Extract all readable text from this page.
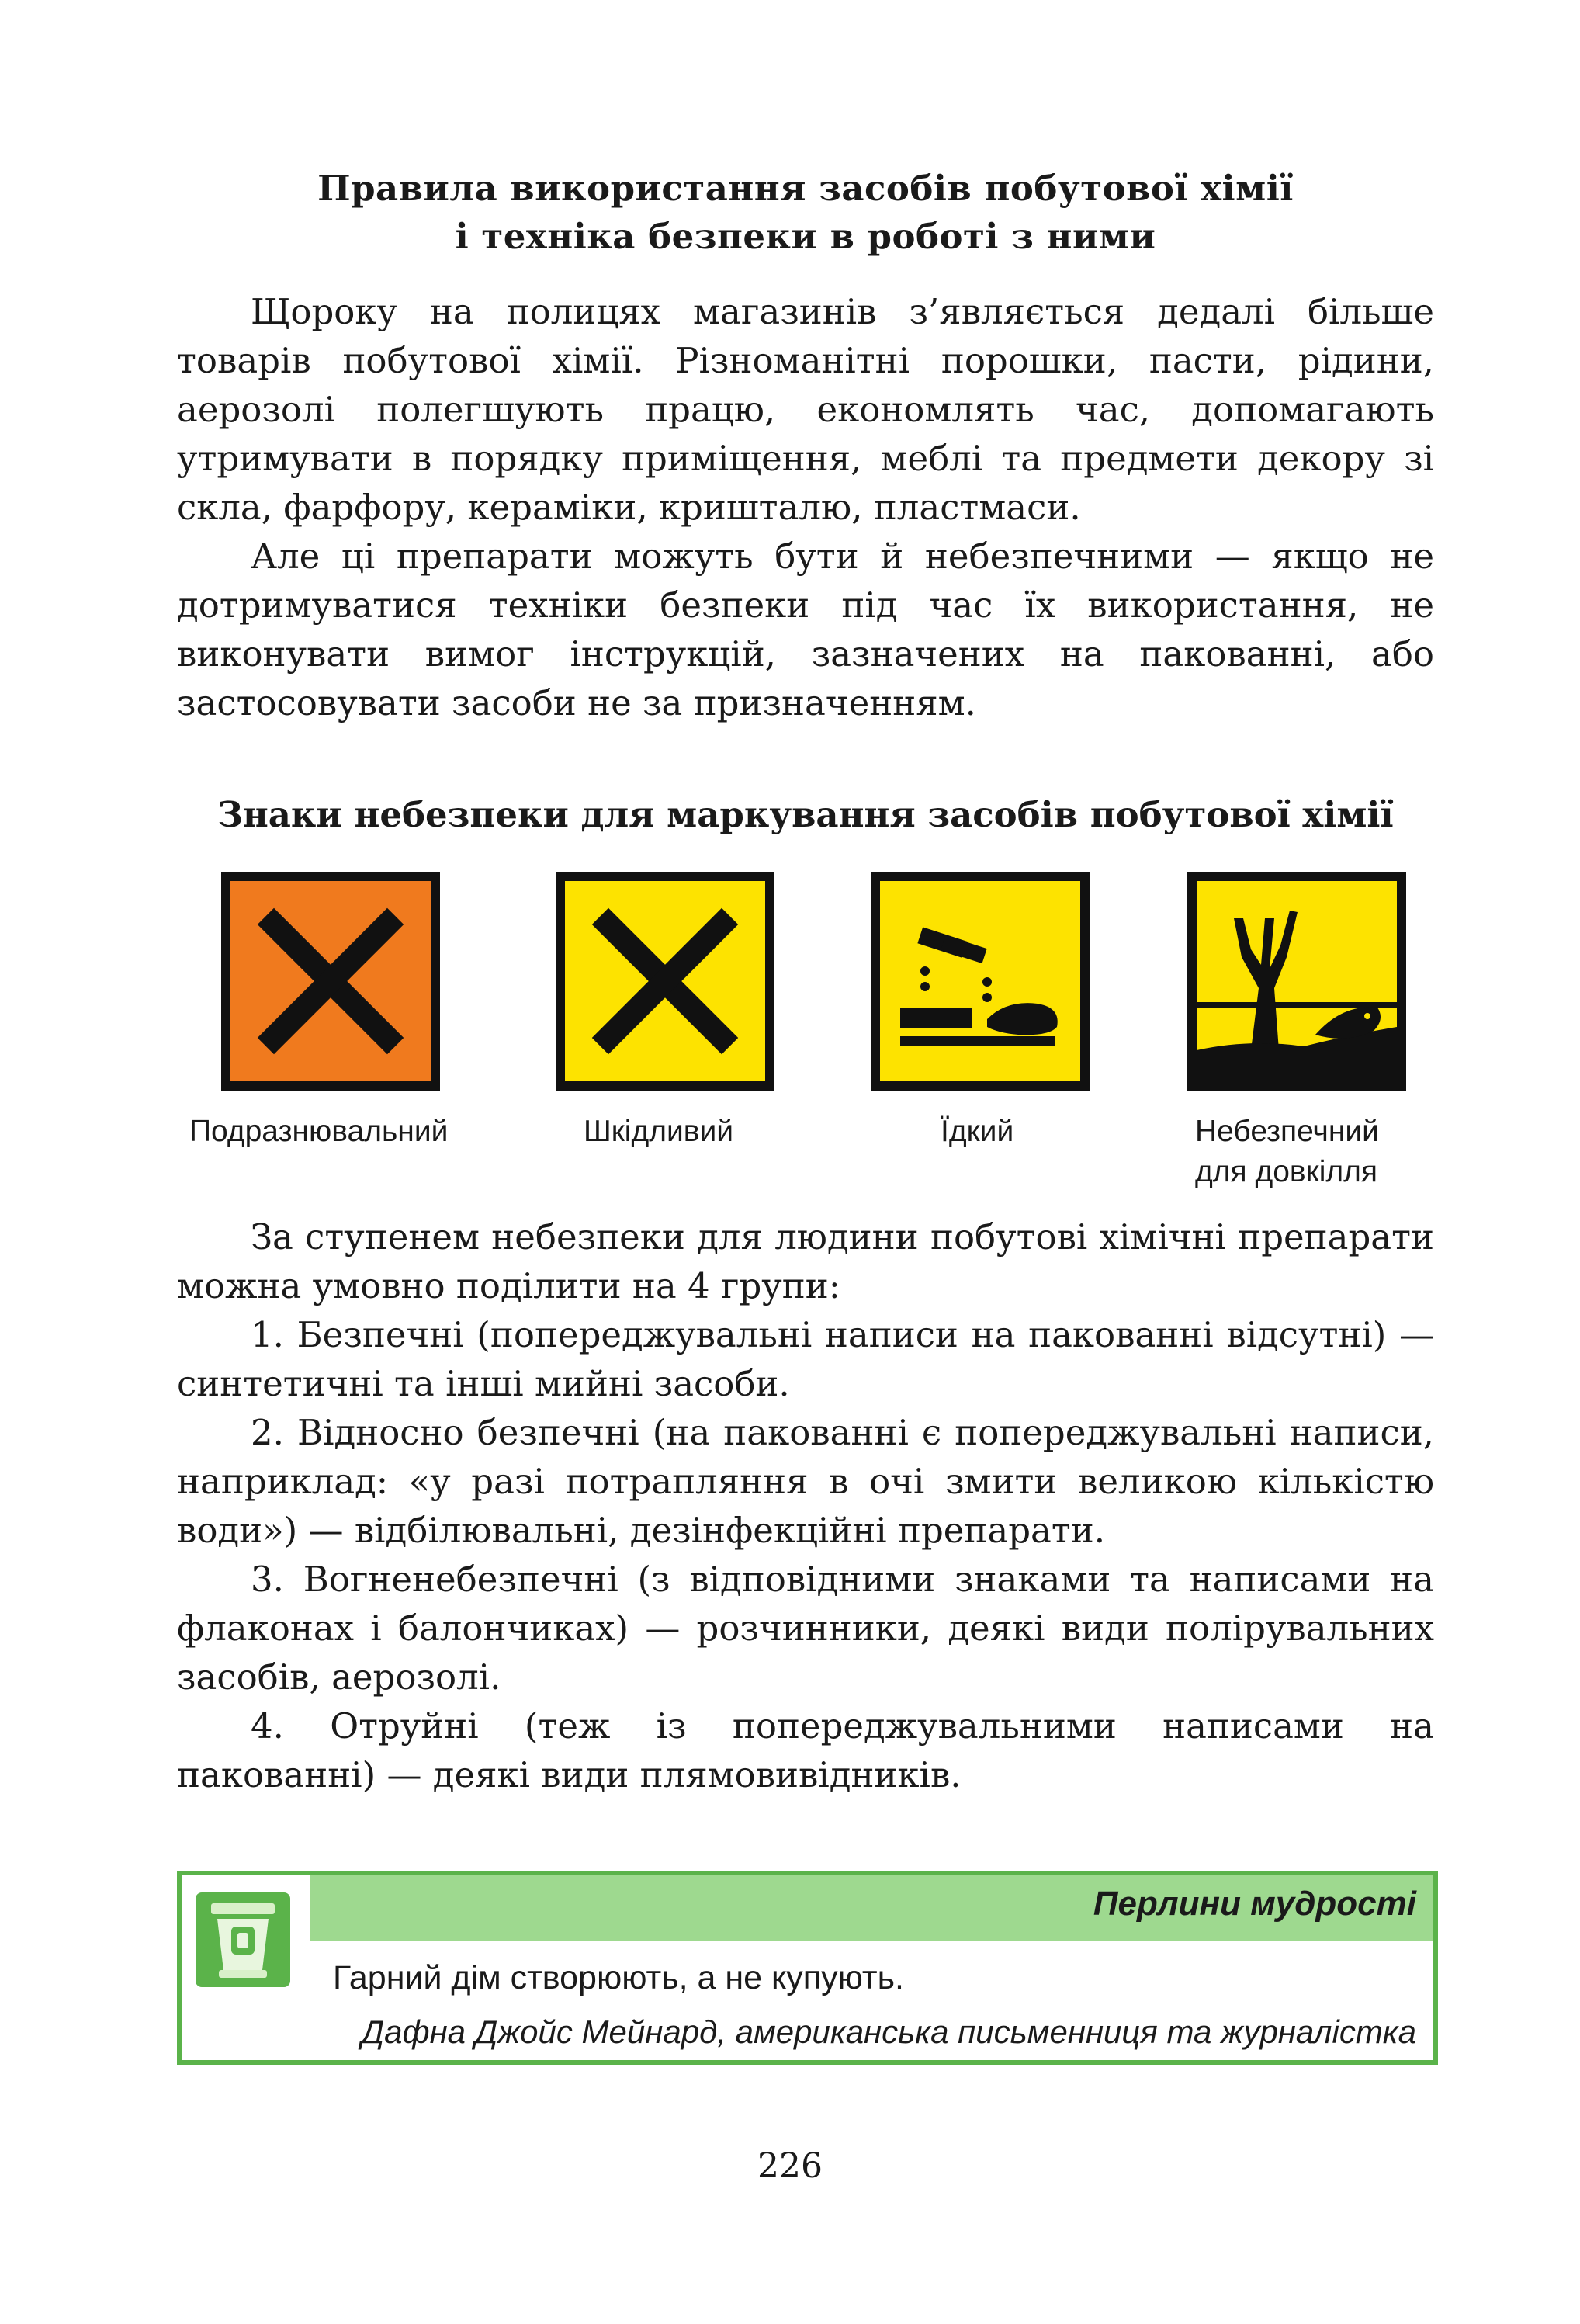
Правила використання засобів побутової хімії
і техніка безпеки в роботі з ними

Щороку на полицях магазинів з’являється дедалі більше товарів побутової хімії. Різноманітні порошки, пасти, рідини, аерозолі полегшують працю, економлять час, допомагають утримувати в порядку приміщення, меблі та предмети декору зі скла, фарфору, кераміки, кришталю, пластмаси.

Але ці препарати можуть бути й небезпечними — якщо не дотримуватися техніки безпеки під час їх використання, не виконувати вимог інструкцій, зазначених на пакованні, або застосовувати засоби не за призначенням.

Знаки небезпеки для маркування засобів побутової хімії
Подразнювальний	Шкідливий	Їдкий	Небезпечний
для довкілля

За ступенем небезпеки для людини побутові хімічні препарати можна умовно поділити на 4 групи:

1. Безпечні (попереджувальні написи на пакованні відсутні) — синтетичні та інші мийні засоби.

2. Відносно безпечні (на пакованні є попереджувальні написи, наприклад: «у разі потрапляння в очі змити великою кількістю води») — відбілювальні, дезінфекційні препарати.

3. Вогненебезпечні (з відповідними знаками та написами на флаконах і балончиках) — розчинники, деякі види полірувальних засобів, аерозолі.

4. Отруйні (теж із попереджувальними написами на пакованні) — деякі види плямовивідників.

Перлини мудрості
Гарний дім створюють, а не купують.
Дафна Джойс Мейнард, американська письменниця та журналістка
226
